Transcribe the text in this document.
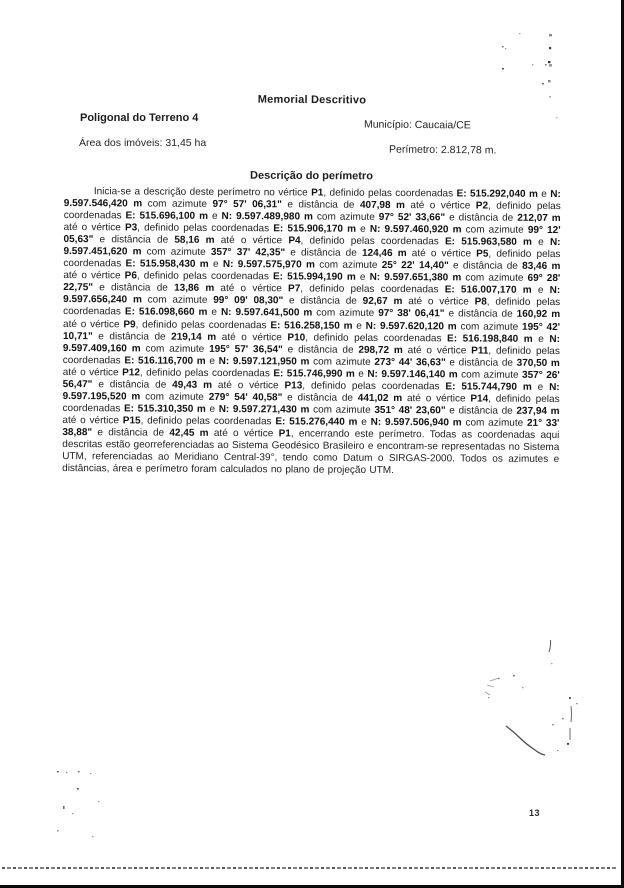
Memorial Descritivo
Poligonal do Terreno 4
Área dos imóveis: 31,45 ha
Município: Caucaia/CE
Perímetro: 2.812,78 m.
Descrição do perímetro
Inicia-se a descrição deste perímetro no vértice P1, definido pelas coordenadas E: 515.292,040 m e N: 9.597.546,420 m com azimute 97° 57' 06,31" e distância de 407,98 m até o vértice P2, definido pelas coordenadas E: 515.696,100 m e N: 9.597.489,980 m com azimute 97° 52' 33,66" e distância de 212,07 m até o vértice P3, definido pelas coordenadas E: 515.906,170 m e N: 9.597.460,920 m com azimute 99° 12' 05,63" e distância de 58,16 m até o vértice P4, definido pelas coordenadas E: 515.963,580 m e N: 9.597.451,620 m com azimute 357° 37' 42,35" e distância de 124,46 m até o vértice P5, definido pelas coordenadas E: 515.958,430 m e N: 9.597.575,970 m com azimute 25° 22' 14,40" e distância de 83,46 m até o vértice P6, definido pelas coordenadas E: 515.994,190 m e N: 9.597.651,380 m com azimute 69° 28' 22,75" e distância de 13,86 m até o vértice P7, definido pelas coordenadas E: 516.007,170 m e N: 9.597.656,240 m com azimute 99° 09' 08,30" e distância de 92,67 m até o vértice P8, definido pelas coordenadas E: 516.098,660 m e N: 9.597.641,500 m com azimute 97° 38' 06,41" e distância de 160,92 m até o vértice P9, definido pelas coordenadas E: 516.258,150 m e N: 9.597.620,120 m com azimute 195° 42' 10,71" e distância de 219,14 m até o vértice P10, definido pelas coordenadas E: 516.198,840 m e N: 9.597.409,160 m com azimute 195° 57' 36,54" e distância de 298,72 m até o vértice P11, definido pelas coordenadas E: 516.116,700 m e N: 9.597.121,950 m com azimute 273° 44' 36,63" e distância de 370,50 m até o vértice P12, definido pelas coordenadas E: 515.746,990 m e N: 9.597.146,140 m com azimute 357° 26' 56,47" e distância de 49,43 m até o vértice P13, definido pelas coordenadas E: 515.744,790 m e N: 9.597.195,520 m com azimute 279° 54' 40,58" e distância de 441,02 m até o vértice P14, definido pelas coordenadas E: 515.310,350 m e N: 9.597.271,430 m com azimute 351° 48' 23,60" e distância de 237,94 m até o vértice P15, definido pelas coordenadas E: 515.276,440 m e N: 9.597.506,940 m com azimute 21° 33' 38,88" e distância de 42,45 m até o vértice P1, encerrando este perímetro. Todas as coordenadas aqui descritas estão georreferenciadas ao Sistema Geodésico Brasileiro e encontram-se representadas no Sistema UTM, referenciadas ao Meridiano Central-39°, tendo como Datum o SIRGAS-2000. Todos os azimutes e distâncias, área e perímetro foram calculados no plano de projeção UTM.
13
